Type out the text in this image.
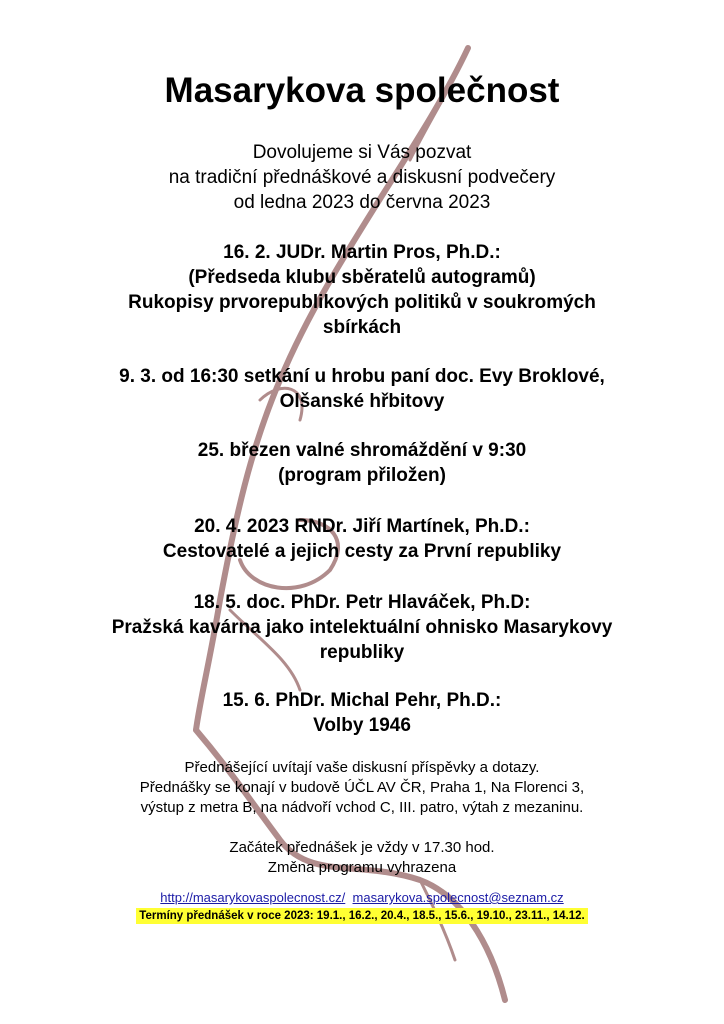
Masarykova společnost
Dovolujeme si Vás pozvat
na tradiční přednáškové a diskusní podvečery
od ledna 2023 do června 2023
16. 2. JUDr. Martin Pros, Ph.D.:
(Předseda klubu sběratelů autogramů)
Rukopisy prvorepublikových politiků v soukromých
sbírkách
9. 3. od 16:30 setkání u hrobu paní doc. Evy Broklové,
Olšanské hřbitovy
25. březen valné shromáždění v 9:30
(program přiložen)
20. 4. 2023 RNDr. Jiří Martínek, Ph.D.:
Cestovatelé a jejich cesty za První republiky
18. 5. doc. PhDr. Petr Hlaváček, Ph.D:
Pražská kavárna jako intelektuální ohnisko Masarykovy
republiky
15. 6. PhDr. Michal Pehr, Ph.D.:
Volby 1946
Přednášející uvítají vaše diskusní příspěvky a dotazy.
Přednášky se konají v budově ÚČL AV ČR, Praha 1, Na Florenci 3,
výstup z metra B, na nádvoří vchod C, III. patro, výtah z mezaninu.
Začátek přednášek je vždy v 17.30 hod.
Změna programu vyhrazena
http://masarykovaspolecnost.cz/ masarykova.spolecnost@seznam.cz
Termíny přednášek v roce 2023: 19.1., 16.2., 20.4., 18.5., 15.6., 19.10., 23.11., 14.12.
